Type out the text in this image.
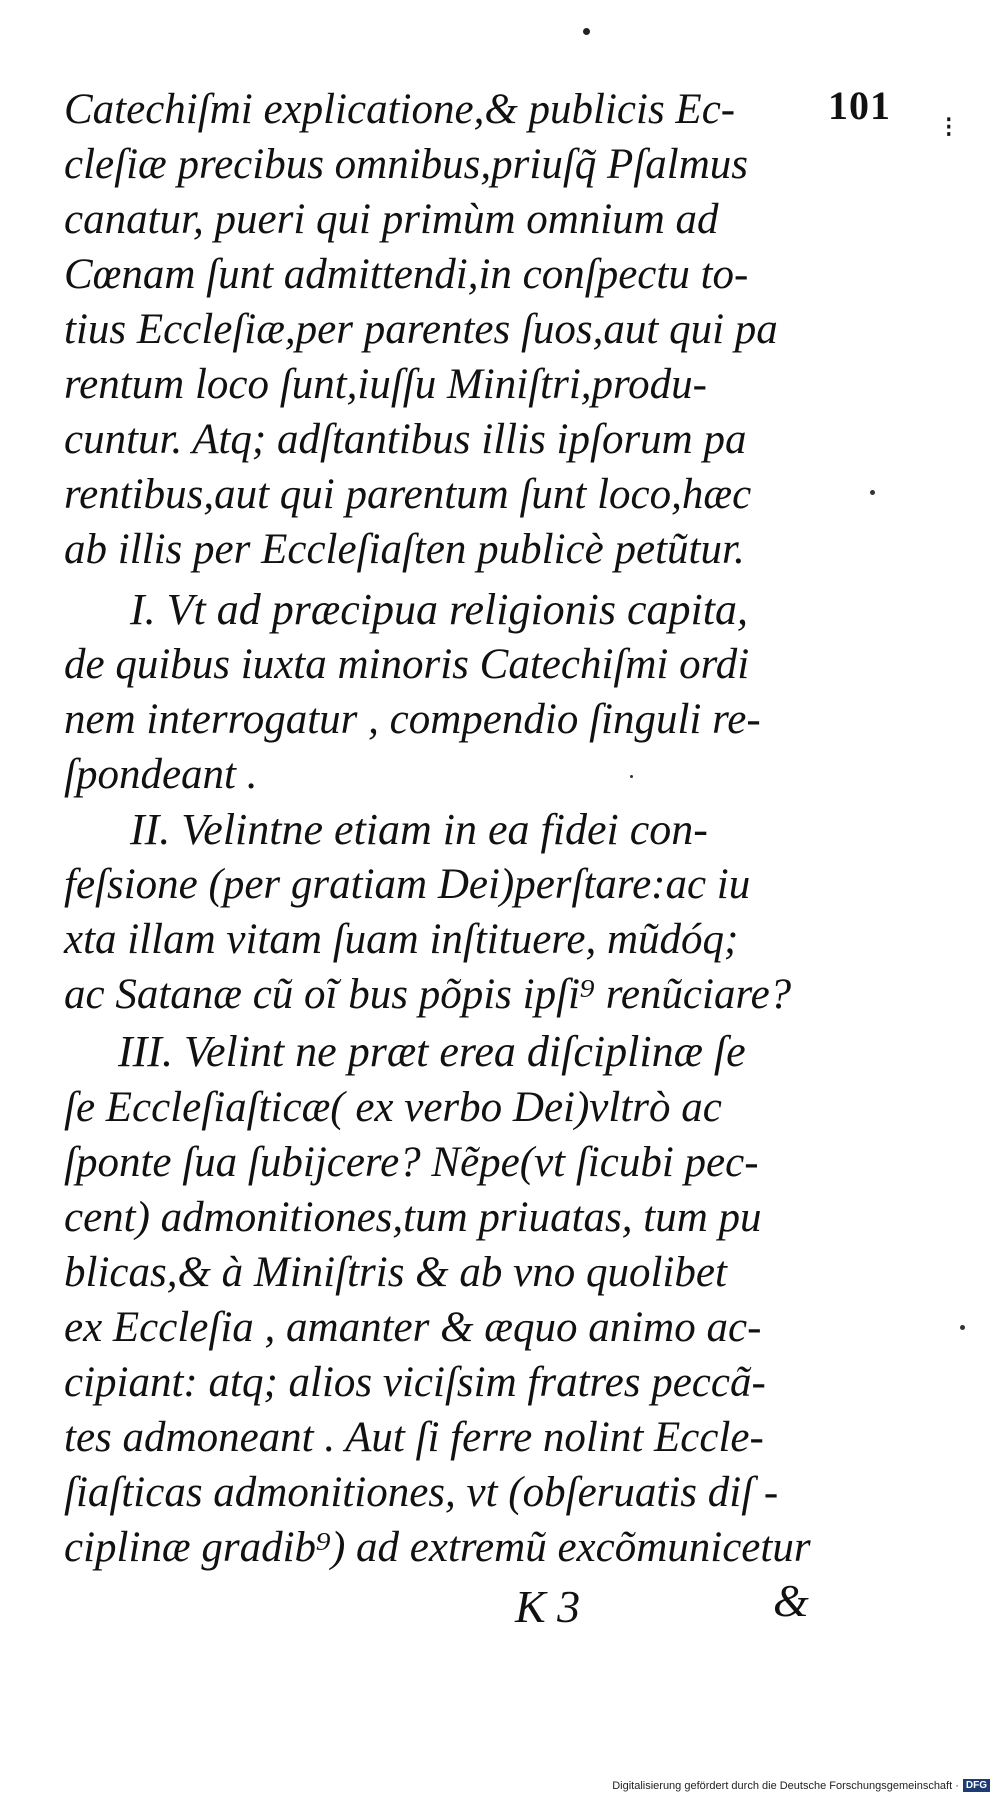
101 ⁝
Catechiſmi explicatione,& publicis Ec-
cleſiæ precibus omnibus,priuſq̃ Pſalmus
canatur, pueri qui primùm omnium ad
Cœnam ſunt admittendi,in conſpectu to-
tius Eccleſiæ,per parentes ſuos,aut qui pa
rentum loco ſunt,iuſſu Miniſtri,produ-
cuntur. Atq; adſtantibus illis ipſorum pa
rentibus,aut qui parentum ſunt loco,hæc
ab illis per Eccleſiaſten publicè petũtur.
I. Vt ad præcipua religionis capita,
de quibus iuxta minoris Catechiſmi ordi
nem interrogatur , compendio ſinguli re-
ſpondeant .
II. Velintne etiam in ea fidei con-
feſsione (per gratiam Dei)perſtare:ac iu
xta illam vitam ſuam inſtituere, mũdóq;
ac Satanæ cũ oĩ bus põpis ipſi⁹ renũciare?
III. Velint ne præt erea diſciplinæ ſe
ſe Eccleſiaſticæ( ex verbo Dei)vltrò ac
ſponte ſua ſubijcere? Nẽpe(vt ſicubi pec-
cent) admonitiones,tum priuatas, tum pu
blicas,& à Miniſtris & ab vno quolibet
ex Eccleſia , amanter & æquo animo ac-
cipiant: atq; alios viciſsim fratres peccã-
tes admoneant . Aut ſi ferre nolint Eccle-
ſiaſticas admonitiones, vt (obſeruatis diſ -
ciplinæ gradib⁹) ad extremũ excõmunicetur
K 3	&
Digitalisierung gefördert durch die Deutsche Forschungsgemeinschaft · DFG
